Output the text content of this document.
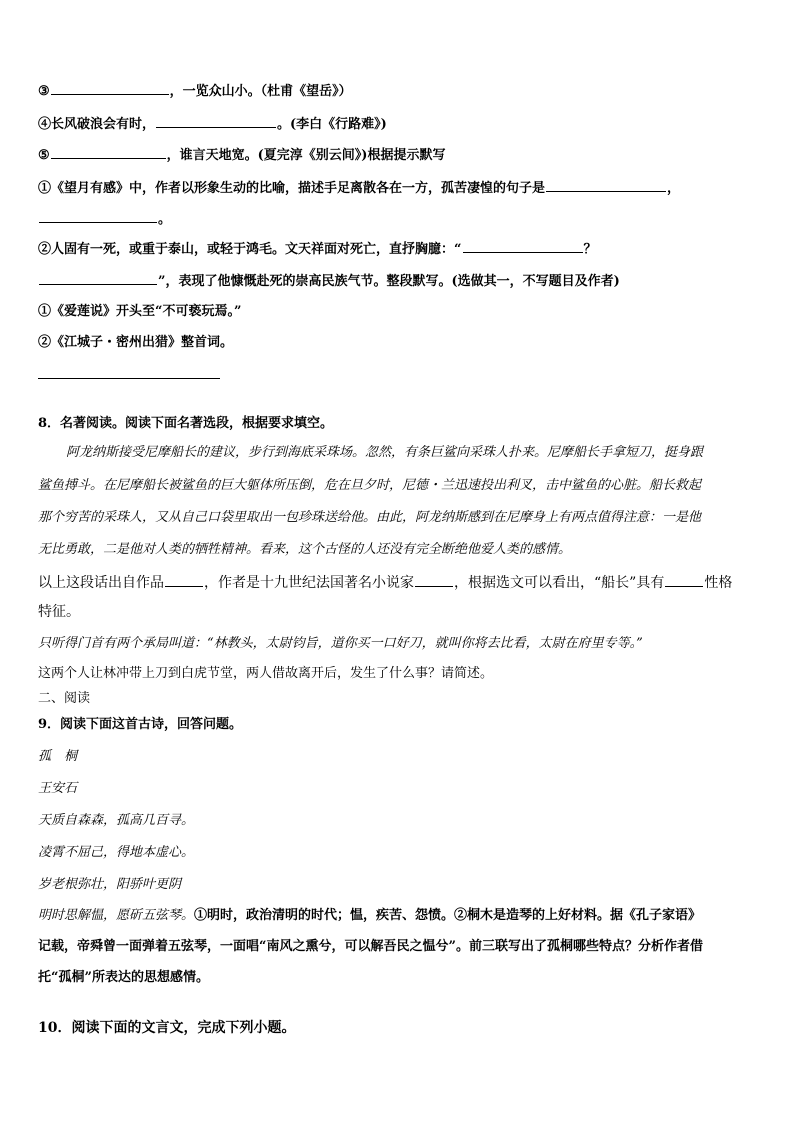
③	，一览众山小。（杜甫《望岳》）
④长风破浪会有时，	。(李白《行路难》)
⑤	，谁言天地宽。(夏完淳《别云间》)根据提示默写
①《望月有感》中，作者以形象生动的比喻，描述手足离散各在一方，孤苦凄惶的句子是	，
。
②人固有一死，或重于泰山，或轻于鸿毛。文天祥面对死亡，直抒胸臆：“	？
”，表现了他慷慨赴死的崇高民族气节。整段默写。(选做其一，不写题目及作者)
①《爱莲说》开头至“不可亵玩焉。”
②《江城子・密州出猎》整首词。
8．名著阅读。阅读下面名著选段，根据要求填空。
阿龙纳斯接受尼摩船长的建议，步行到海底采珠场。忽然，有条巨鲨向采珠人扑来。尼摩船长手拿短刀，挺身跟
鲨鱼搏斗。在尼摩船长被鲨鱼的巨大躯体所压倒，危在旦夕时，尼德・兰迅速投出利叉，击中鲨鱼的心脏。船长救起
那个穷苦的采珠人，又从自己口袋里取出一包珍珠送给他。由此，阿龙纳斯感到在尼摩身上有两点值得注意：一是他
无比勇敢，二是他对人类的牺牲精神。看来，这个古怪的人还没有完全断绝他爱人类的感情。
以上这段话出自作品	，作者是十九世纪法国著名小说家	，根据选文可以看出，“船长”具有	性格
特征。
只听得门首有两个承局叫道：“林教头，太尉钧旨，道你买一口好刀，就叫你将去比看，太尉在府里专等。”
这两个人让林冲带上刀到白虎节堂，两人借故离开后，发生了什么事？请简述。
二、阅读
9．阅读下面这首古诗，回答问题。
孤　桐
王安石
天质自森森，孤高几百寻。
凌霄不屈己，得地本虚心。
岁老根弥壮，阳骄叶更阴
明时思解愠，愿斫五弦琴。①明时，政治清明的时代；愠，疾苦、怨愤。②桐木是造琴的上好材料。据《孔子家语》
记载，帝舜曾一面弹着五弦琴，一面唱“南风之熏兮，可以解吾民之愠兮”。前三联写出了孤桐哪些特点？分析作者借
托“孤桐”所表达的思想感情。
10．阅读下面的文言文，完成下列小题。
